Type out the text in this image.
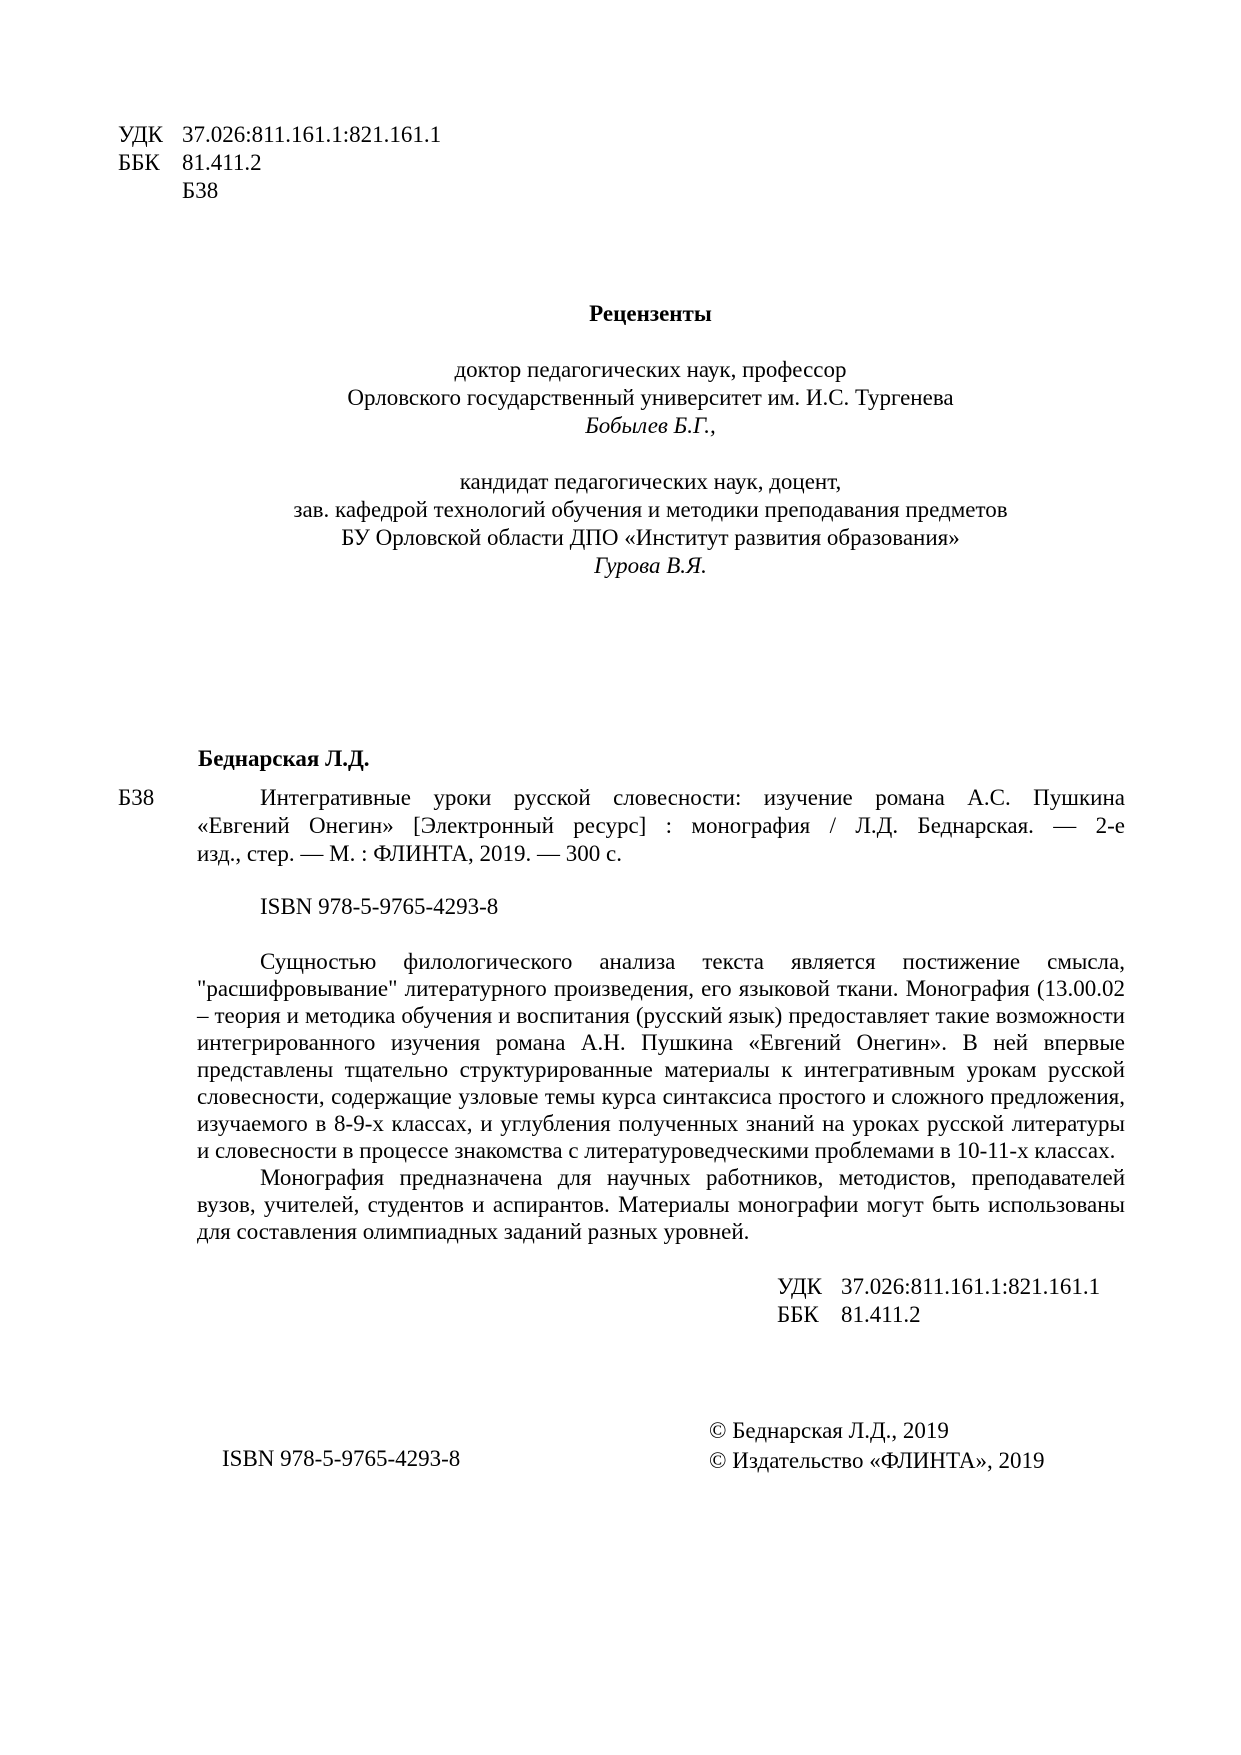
УДК 37.026:811.161.1:821.161.1
ББК 81.411.2
Б38
Рецензенты
доктор педагогических наук, профессор
Орловского государственный университет им. И.С. Тургенева
Бобылев Б.Г.,
кандидат педагогических наук, доцент,
зав. кафедрой технологий обучения и методики преподавания предметов
БУ Орловской области ДПО «Институт развития образования»
Гурова В.Я.
Беднарская Л.Д.
Б38	Интегративные уроки русской словесности: изучение романа А.С. Пушкина
«Евгений Онегин» [Электронный ресурс] : монография / Л.Д. Беднарская. — 2-е
изд., стер. — М. : ФЛИНТА, 2019. — 300 с.
ISBN 978-5-9765-4293-8
Сущностью филологического анализа текста является постижение смысла,
"расшифровывание" литературного произведения, его языковой ткани. Монография (13.00.02
– теория и методика обучения и воспитания (русский язык) предоставляет такие возможности
интегрированного изучения романа А.Н. Пушкина «Евгений Онегин». В ней впервые
представлены тщательно структурированные материалы к интегративным урокам русской
словесности, содержащие узловые темы курса синтаксиса простого и сложного предложения,
изучаемого в 8-9-х классах, и углубления полученных знаний на уроках русской литературы
и словесности в процессе знакомства с литературоведческими проблемами в 10-11-х классах.
Монография предназначена для научных работников, методистов, преподавателей
вузов, учителей, студентов и аспирантов. Материалы монографии могут быть использованы
для составления олимпиадных заданий разных уровней.
УДК 37.026:811.161.1:821.161.1
ББК 81.411.2
ISBN 978-5-9765-4293-8
© Беднарская Л.Д., 2019
© Издательство «ФЛИНТА», 2019
